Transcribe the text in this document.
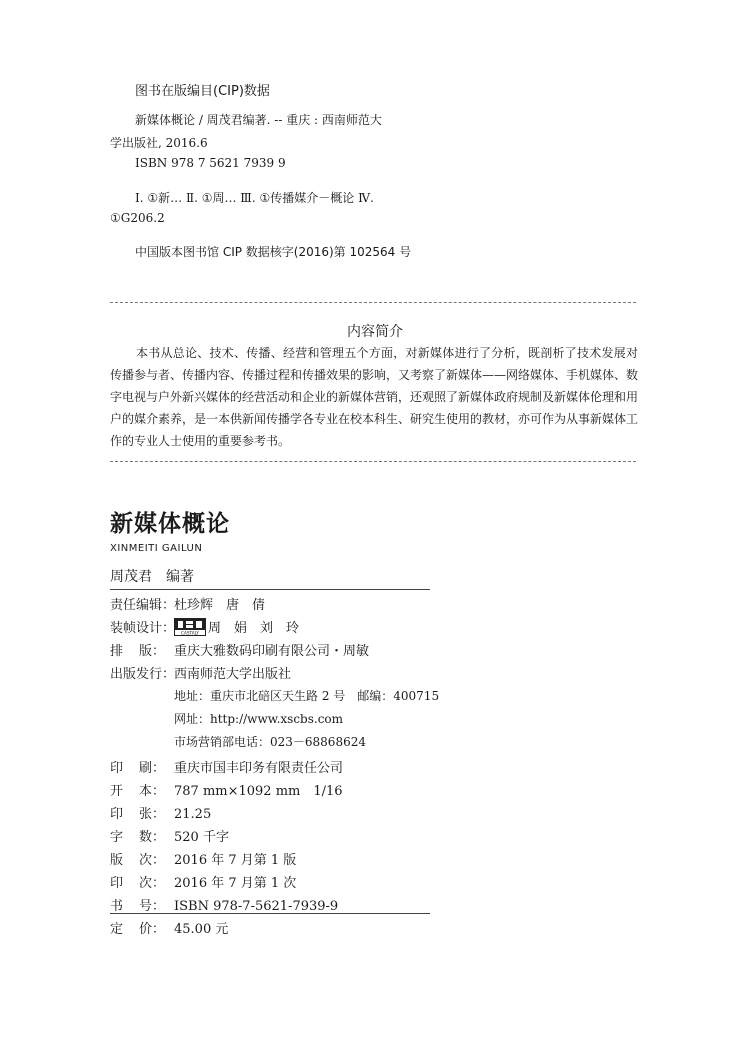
图书在版编目(CIP)数据
新媒体概论 / 周茂君编著. -- 重庆 : 西南师范大
学出版社, 2016.6
ISBN 978 7 5621 7939 9
Ⅰ. ①新… Ⅱ. ①周… Ⅲ. ①传播媒介－概论 Ⅳ.
①G206.2
中国版本图书馆 CIP 数据核字(2016)第 102564 号
内容简介

本书从总论、技术、传播、经营和管理五个方面，对新媒体进行了分析，既剖析了技术发展对传播参与者、传播内容、传播过程和传播效果的影响，又考察了新媒体——网络媒体、手机媒体、数字电视与户外新兴媒体的经营活动和企业的新媒体营销，还观照了新媒体政府规制及新媒体伦理和用户的媒介素养，是一本供新闻传播学各专业在校本科生、研究生使用的教材，亦可作为从事新媒体工作的专业人士使用的重要参考书。

新媒体概论
XINMEITI GAILUN
周茂君　编著
责任编辑：杜珍辉　唐　倩
装帧设计： CASTALY 周　娟　刘　玲
排 版： 重庆大雅数码印刷有限公司・周敏
出版发行：西南师范大学出版社
地址：重庆市北碚区天生路 2 号　邮编：400715
网址：http://www.xscbs.com
市场营销部电话：023－68868624
印 刷： 重庆市国丰印务有限责任公司
开 本： 787 mm×1092 mm　1/16
印 张： 21.25
字 数： 520 千字
版 次： 2016 年 7 月第 1 版
印 次： 2016 年 7 月第 1 次
书 号： ISBN 978-7-5621-7939-9
定 价： 45.00 元
